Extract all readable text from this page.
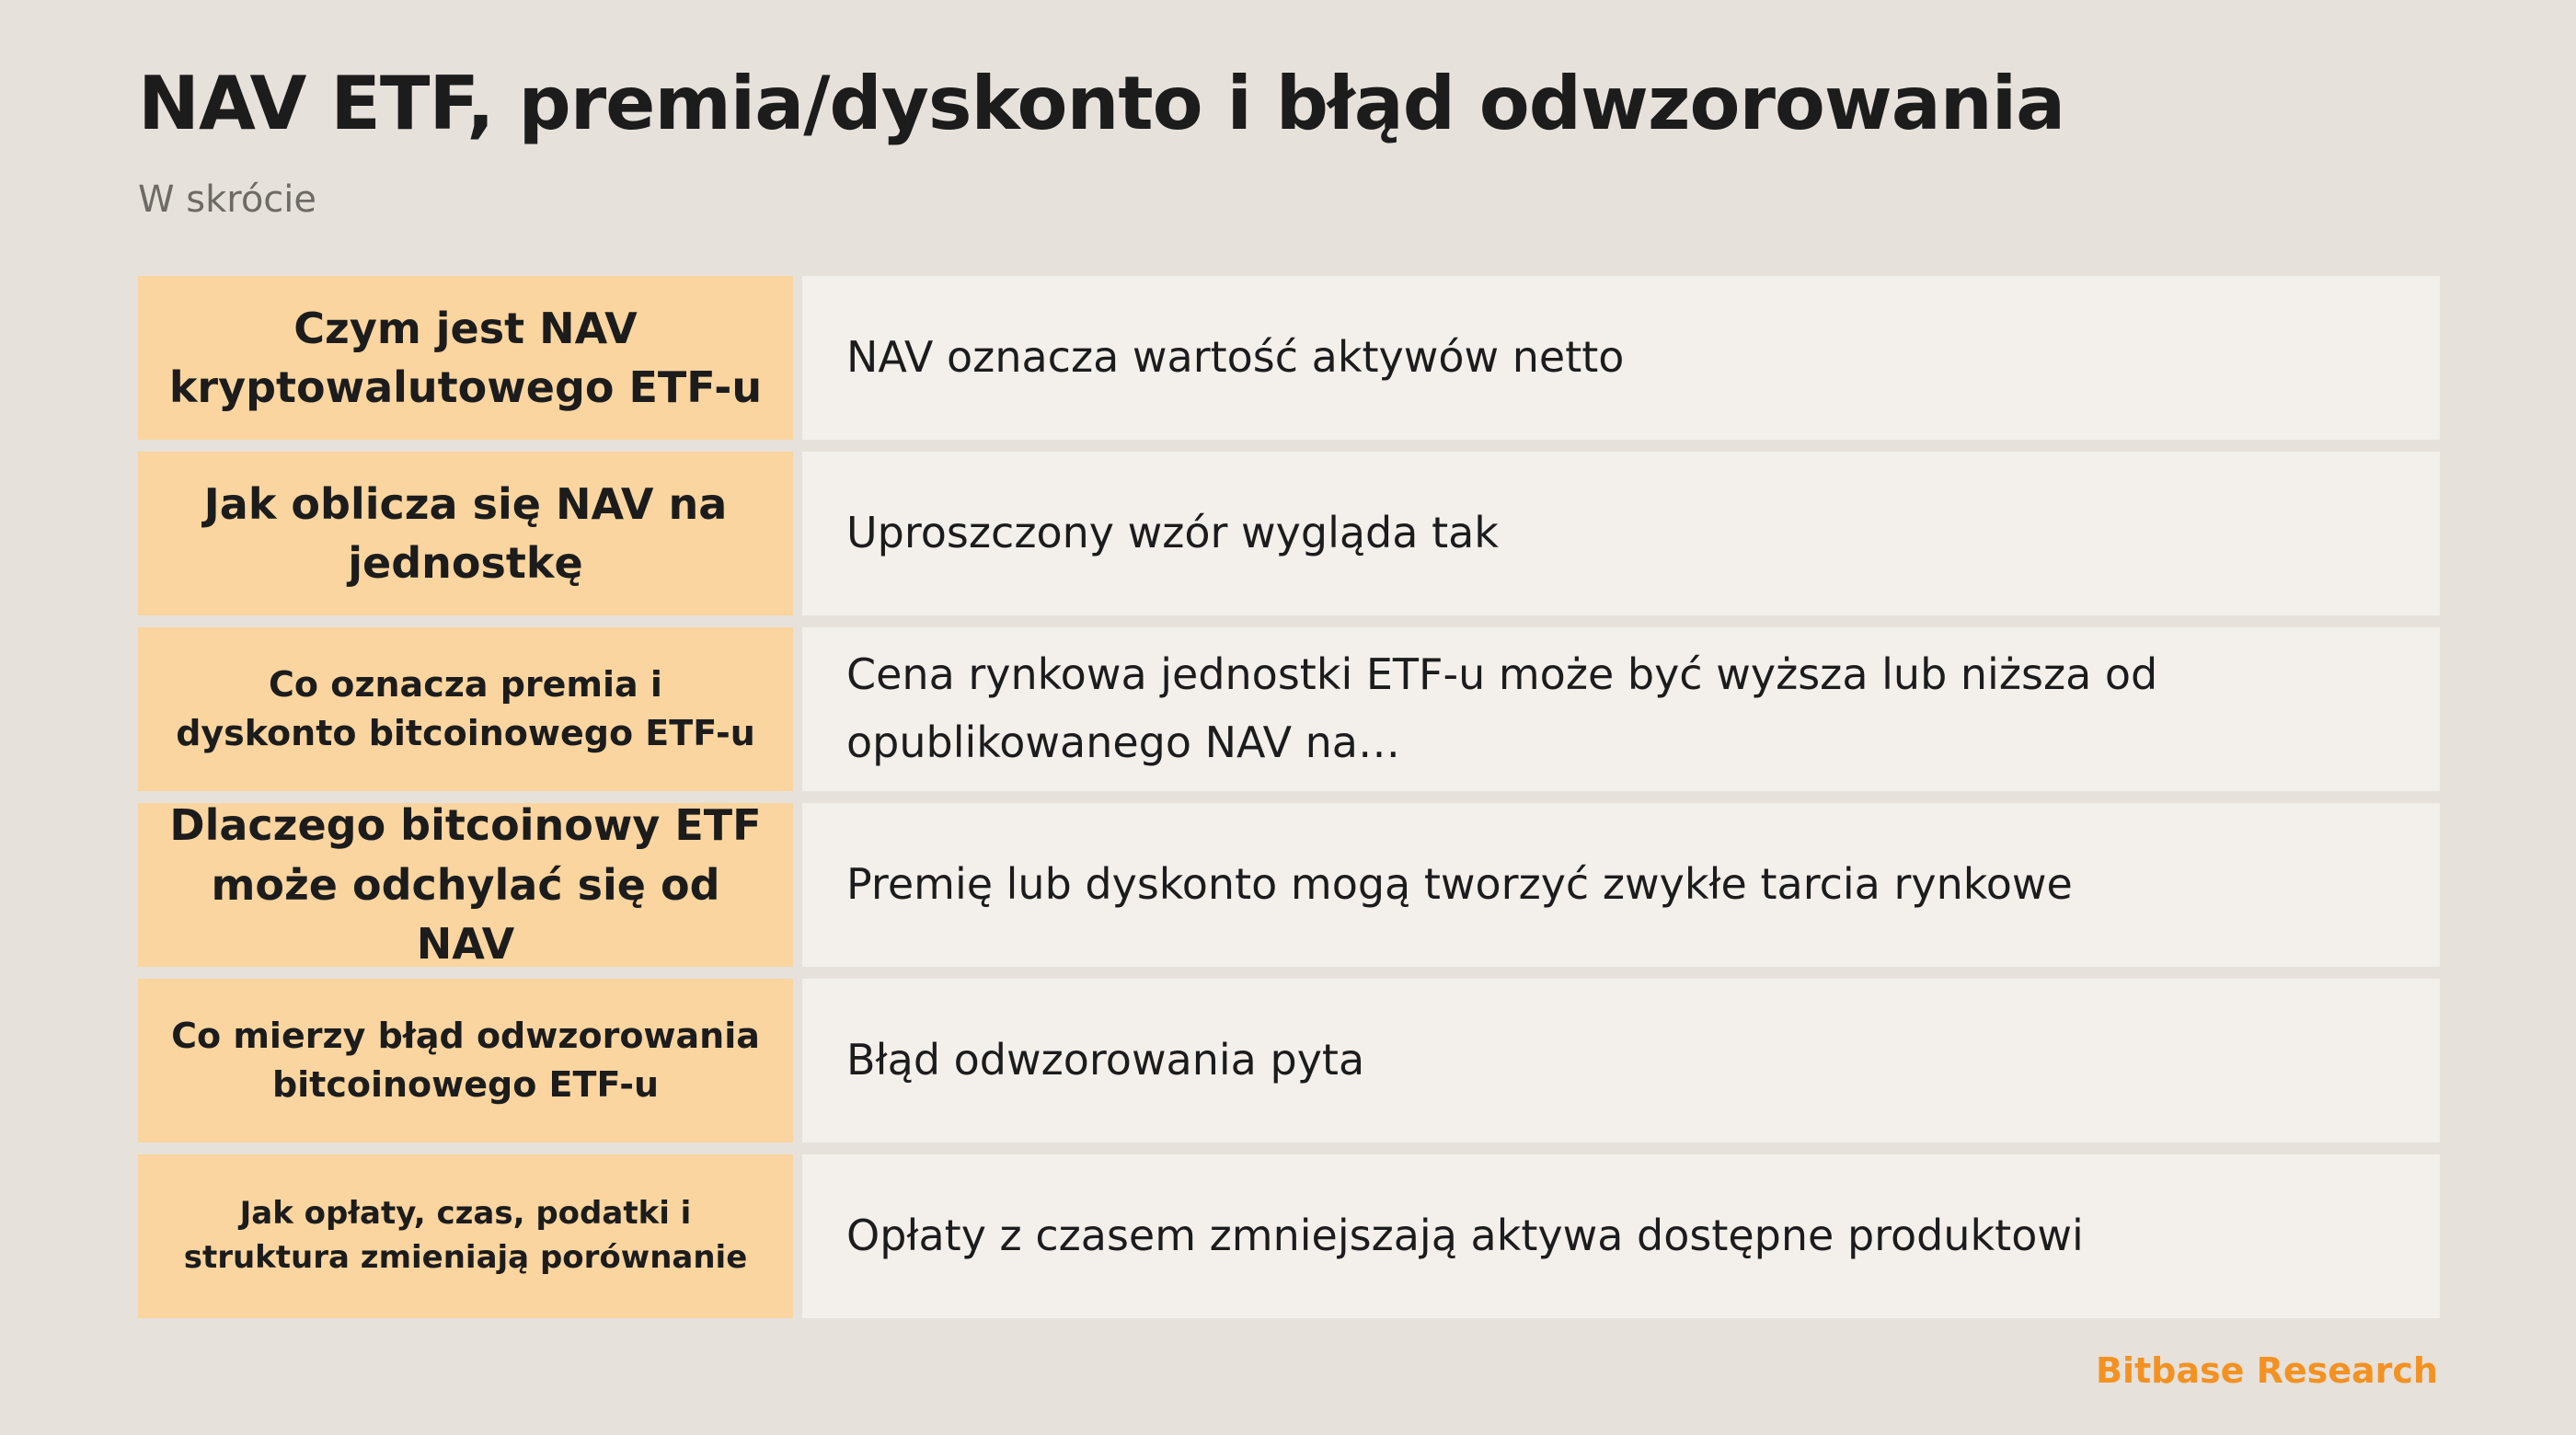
NAV ETF, premia/dyskonto i błąd odwzorowania
W skrócie
Czym jest NAV
kryptowalutowego ETF-u
NAV oznacza wartość aktywów netto
Jak oblicza się NAV na
jednostkę
Uproszczony wzór wygląda tak
Co oznacza premia i
dyskonto bitcoinowego ETF-u
Cena rynkowa jednostki ETF-u może być wyższa lub niższa od
opublikowanego NAV na…
Dlaczego bitcoinowy ETF
może odchylać się od NAV
Premię lub dyskonto mogą tworzyć zwykłe tarcia rynkowe
Co mierzy błąd odwzorowania
bitcoinowego ETF-u	Błąd odwzorowania pyta
Jak opłaty, czas, podatki i
struktura zmieniają porównanie Opłaty z czasem zmniejszają aktywa dostępne produktowi
Bitbase Research
